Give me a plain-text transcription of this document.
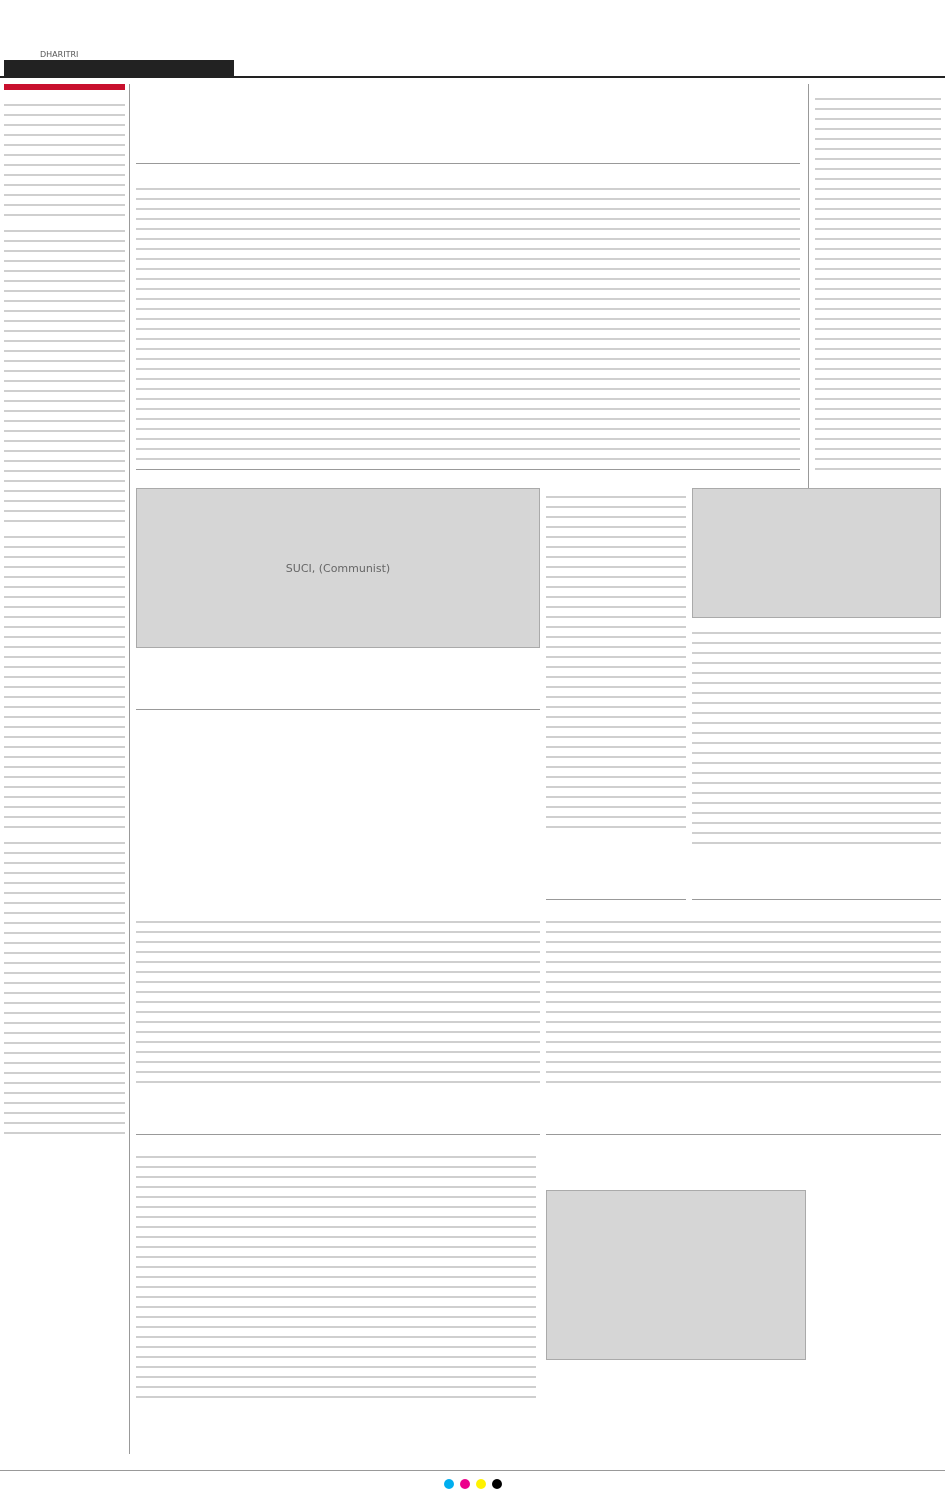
DHARITRI
SUCI, (Communist)
